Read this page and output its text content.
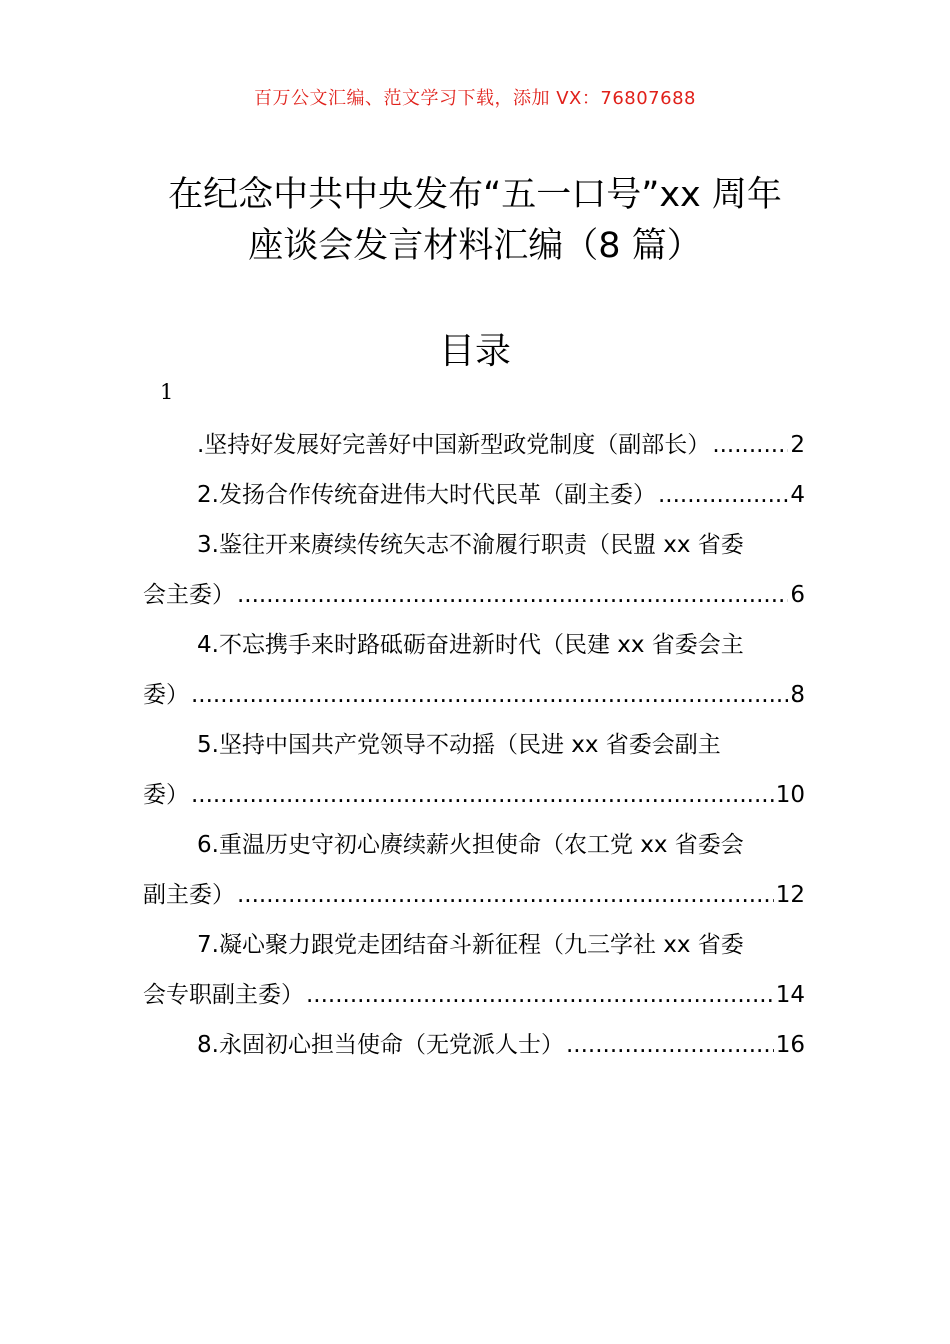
百万公文汇编、范文学习下载，添加 VX：76807688
在纪念中共中央发布“五一口号”xx 周年
座谈会发言材料汇编（8 篇）
目录
1
.坚持好发展好完善好中国新型政党制度（副部长） .....	2
2.发扬合作传统奋进伟大时代民革（副主委） .....	4
3.鉴往开来赓续传统矢志不渝履行职责（民盟 xx 省委
会主委） .....	6
4.不忘携手来时路砥砺奋进新时代（民建 xx 省委会主
委） .....	8
5.坚持中国共产党领导不动摇（民进 xx 省委会副主
委） .....	10
6.重温历史守初心赓续薪火担使命（农工党 xx 省委会
副主委） .....	12
7.凝心聚力跟党走团结奋斗新征程（九三学社 xx 省委
会专职副主委） .....	14
8.永固初心担当使命（无党派人士） .....	16
